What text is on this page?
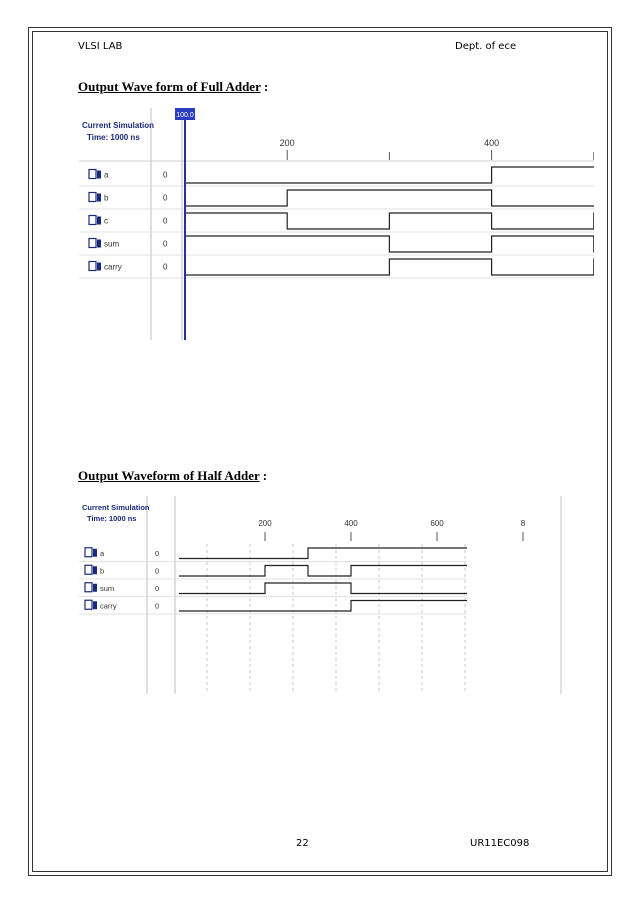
VLSI LAB	Dept. of ece
Output Wave form of Full Adder :
Current Simulation
Time: 1000 ns
200	400
a	0
b	0
c	0
sum	0
carry	0
100.0
Output Waveform of Half Adder :
Current Simulation
Time: 1000 ns
200	400	600	8
a	0
b	0
sum	0
carry	0
22	UR11EC098
